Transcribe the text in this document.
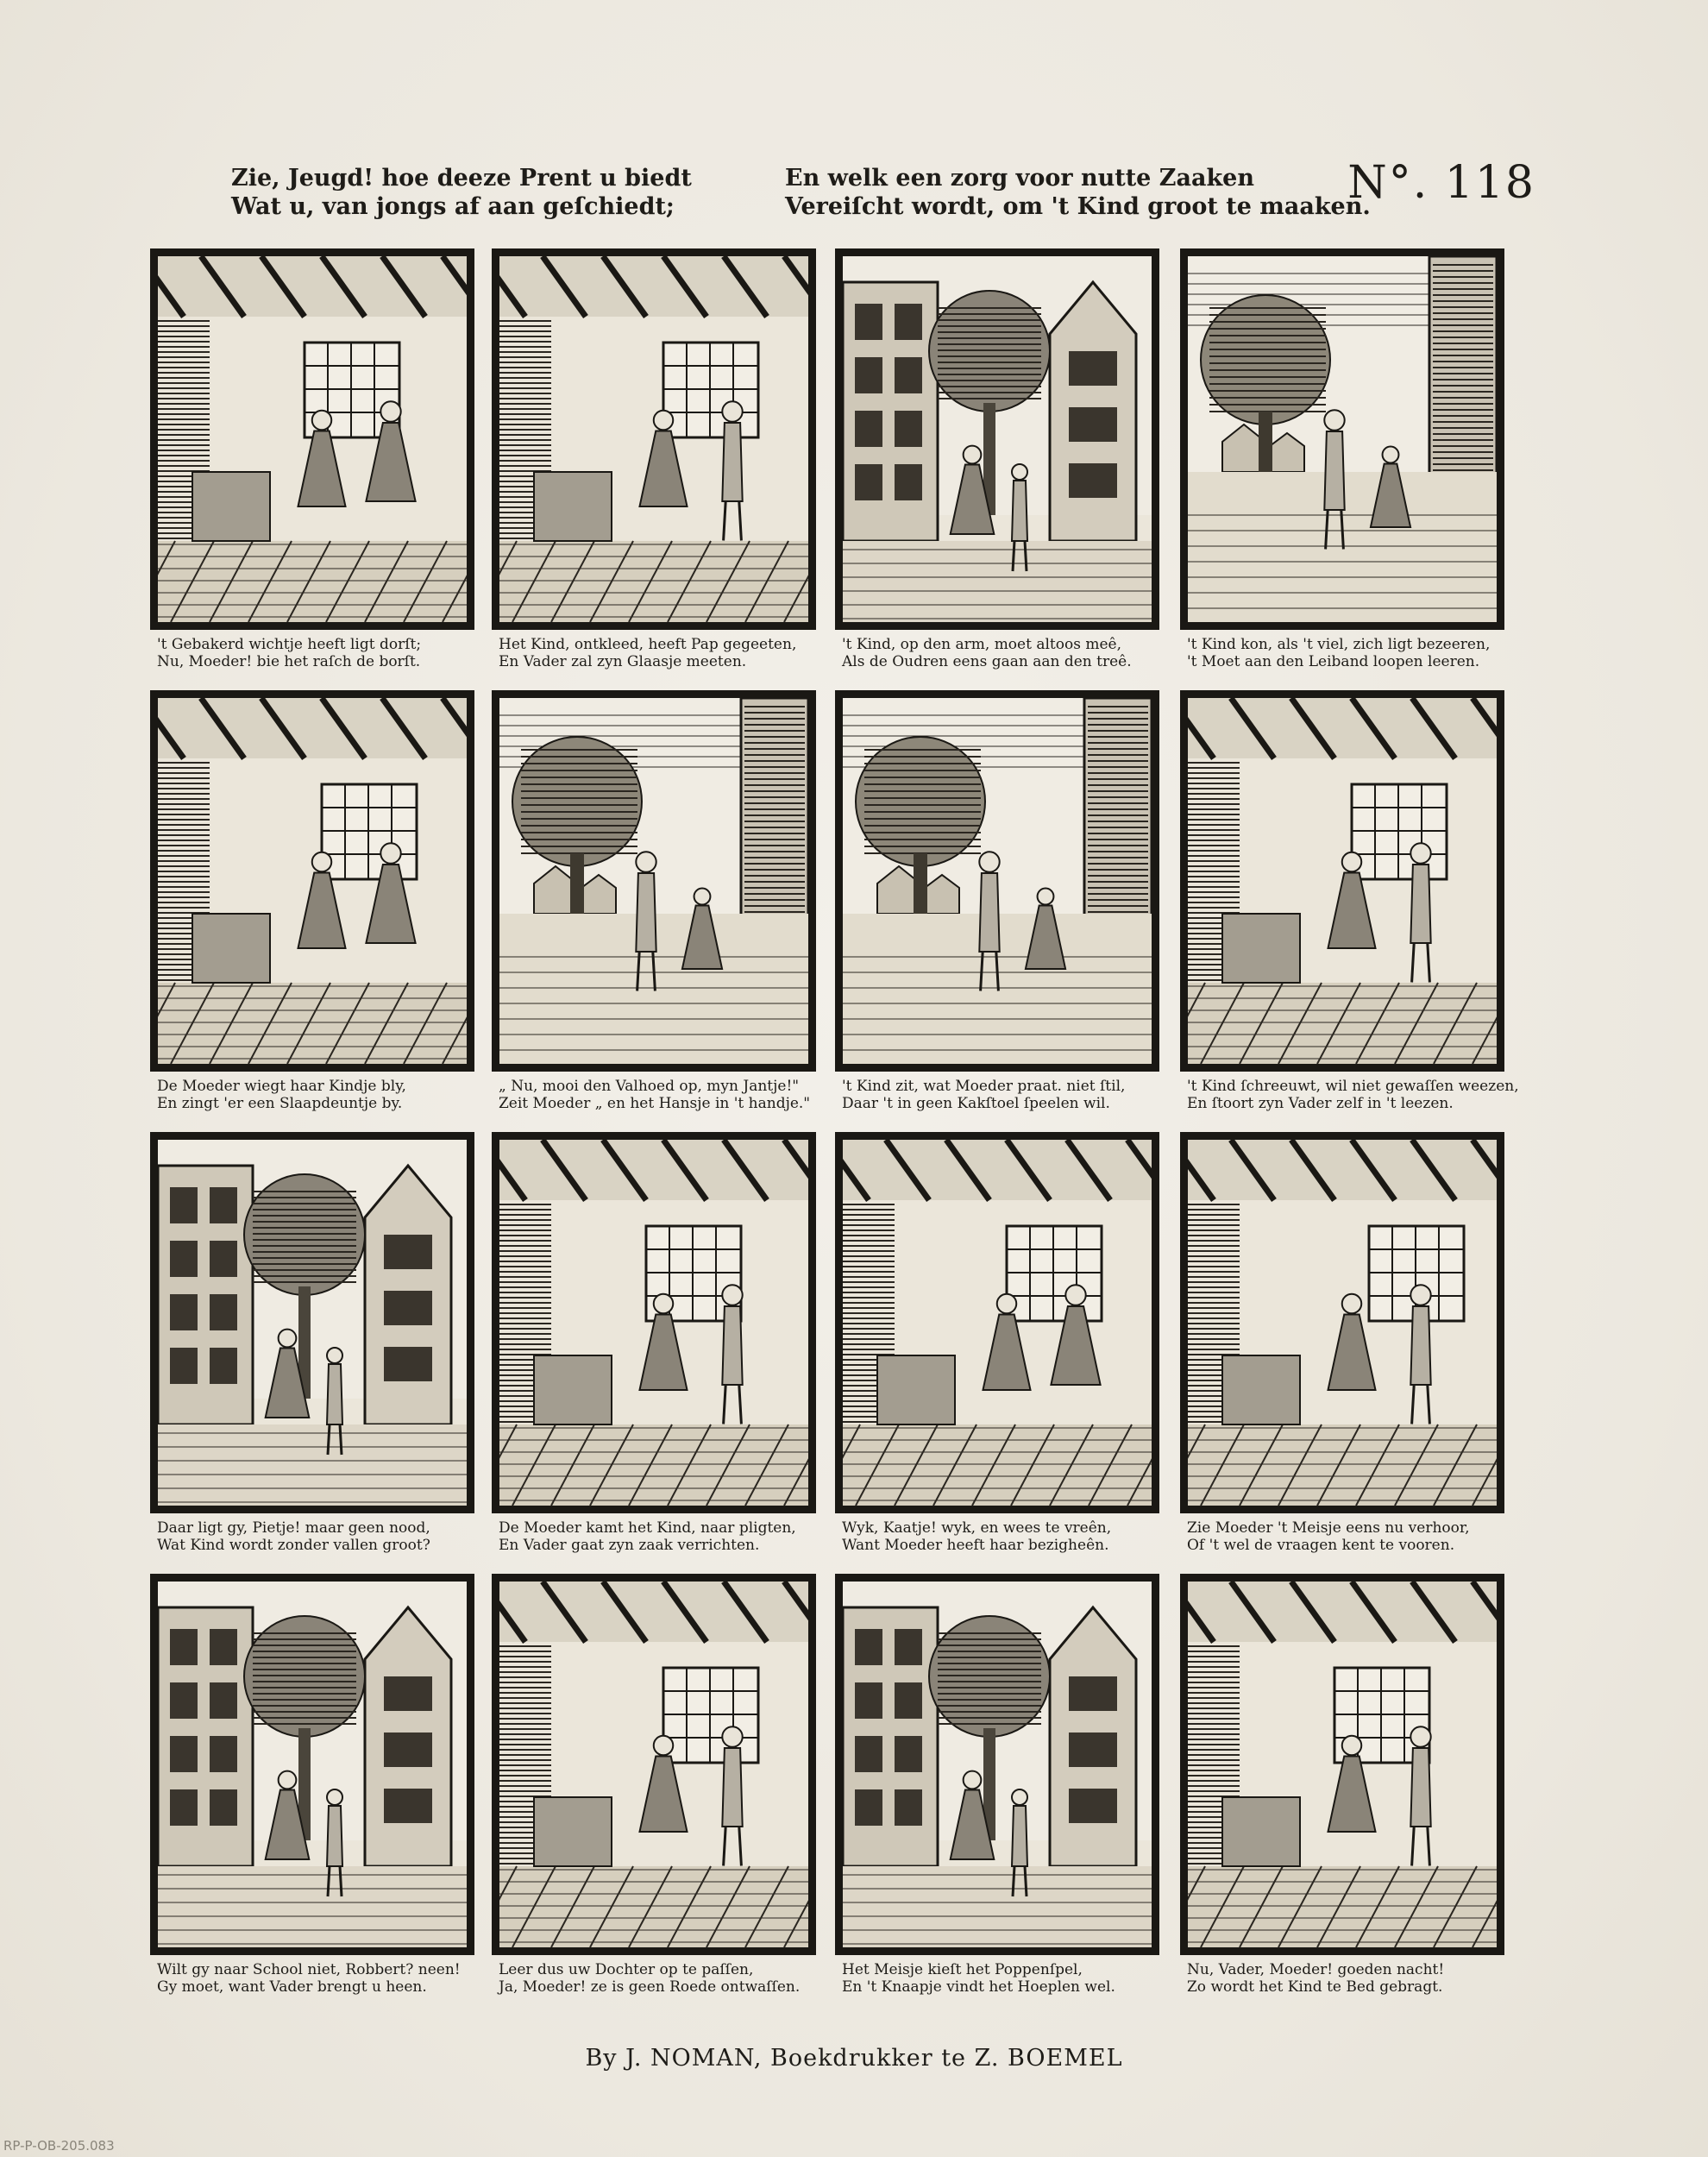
Zie, Jeugd! hoe deeze Prent u biedt
Wat u, van jongs af aan geſchiedt;
En welk een zorg voor nutte Zaaken
Vereiſcht wordt, om 't Kind groot te maaken.
N°. 118
't Gebakerd wichtje heeft ligt dorſt;
Nu, Moeder! bie het raſch de borſt.
Het Kind, ontkleed, heeft Pap gegeeten,
En Vader zal zyn Glaasje meeten.
't Kind, op den arm, moet altoos meê,
Als de Oudren eens gaan aan den treê.
't Kind kon, als 't viel, zich ligt bezeeren,
't Moet aan den Leiband loopen leeren.
De Moeder wiegt haar Kindje bly,
En zingt 'er een Slaapdeuntje by.
„ Nu, mooi den Valhoed op, myn Jantje!"
Zeit Moeder „ en het Hansje in 't handje."
't Kind zit, wat Moeder praat. niet ſtil,
Daar 't in geen Kakſtoel ſpeelen wil.
't Kind ſchreeuwt, wil niet gewaſſen weezen,
En ſtoort zyn Vader zelf in 't leezen.
Daar ligt gy, Pietje! maar geen nood,
Wat Kind wordt zonder vallen groot?
De Moeder kamt het Kind, naar pligten,
En Vader gaat zyn zaak verrichten.
Wyk, Kaatje! wyk, en wees te vreên,
Want Moeder heeft haar bezigheên.
Zie Moeder 't Meisje eens nu verhoor,
Of 't wel de vraagen kent te vooren.
Wilt gy naar School niet, Robbert? neen!
Gy moet, want Vader brengt u heen.
Leer dus uw Dochter op te paſſen,
Ja, Moeder! ze is geen Roede ontwaſſen.
Het Meisje kieſt het Poppenſpel,
En 't Knaapje vindt het Hoeplen wel.
Nu, Vader, Moeder! goeden nacht!
Zo wordt het Kind te Bed gebragt.
By J. NOMAN, Boekdrukker te Z. BOEMEL
RP-P-OB-205.083
